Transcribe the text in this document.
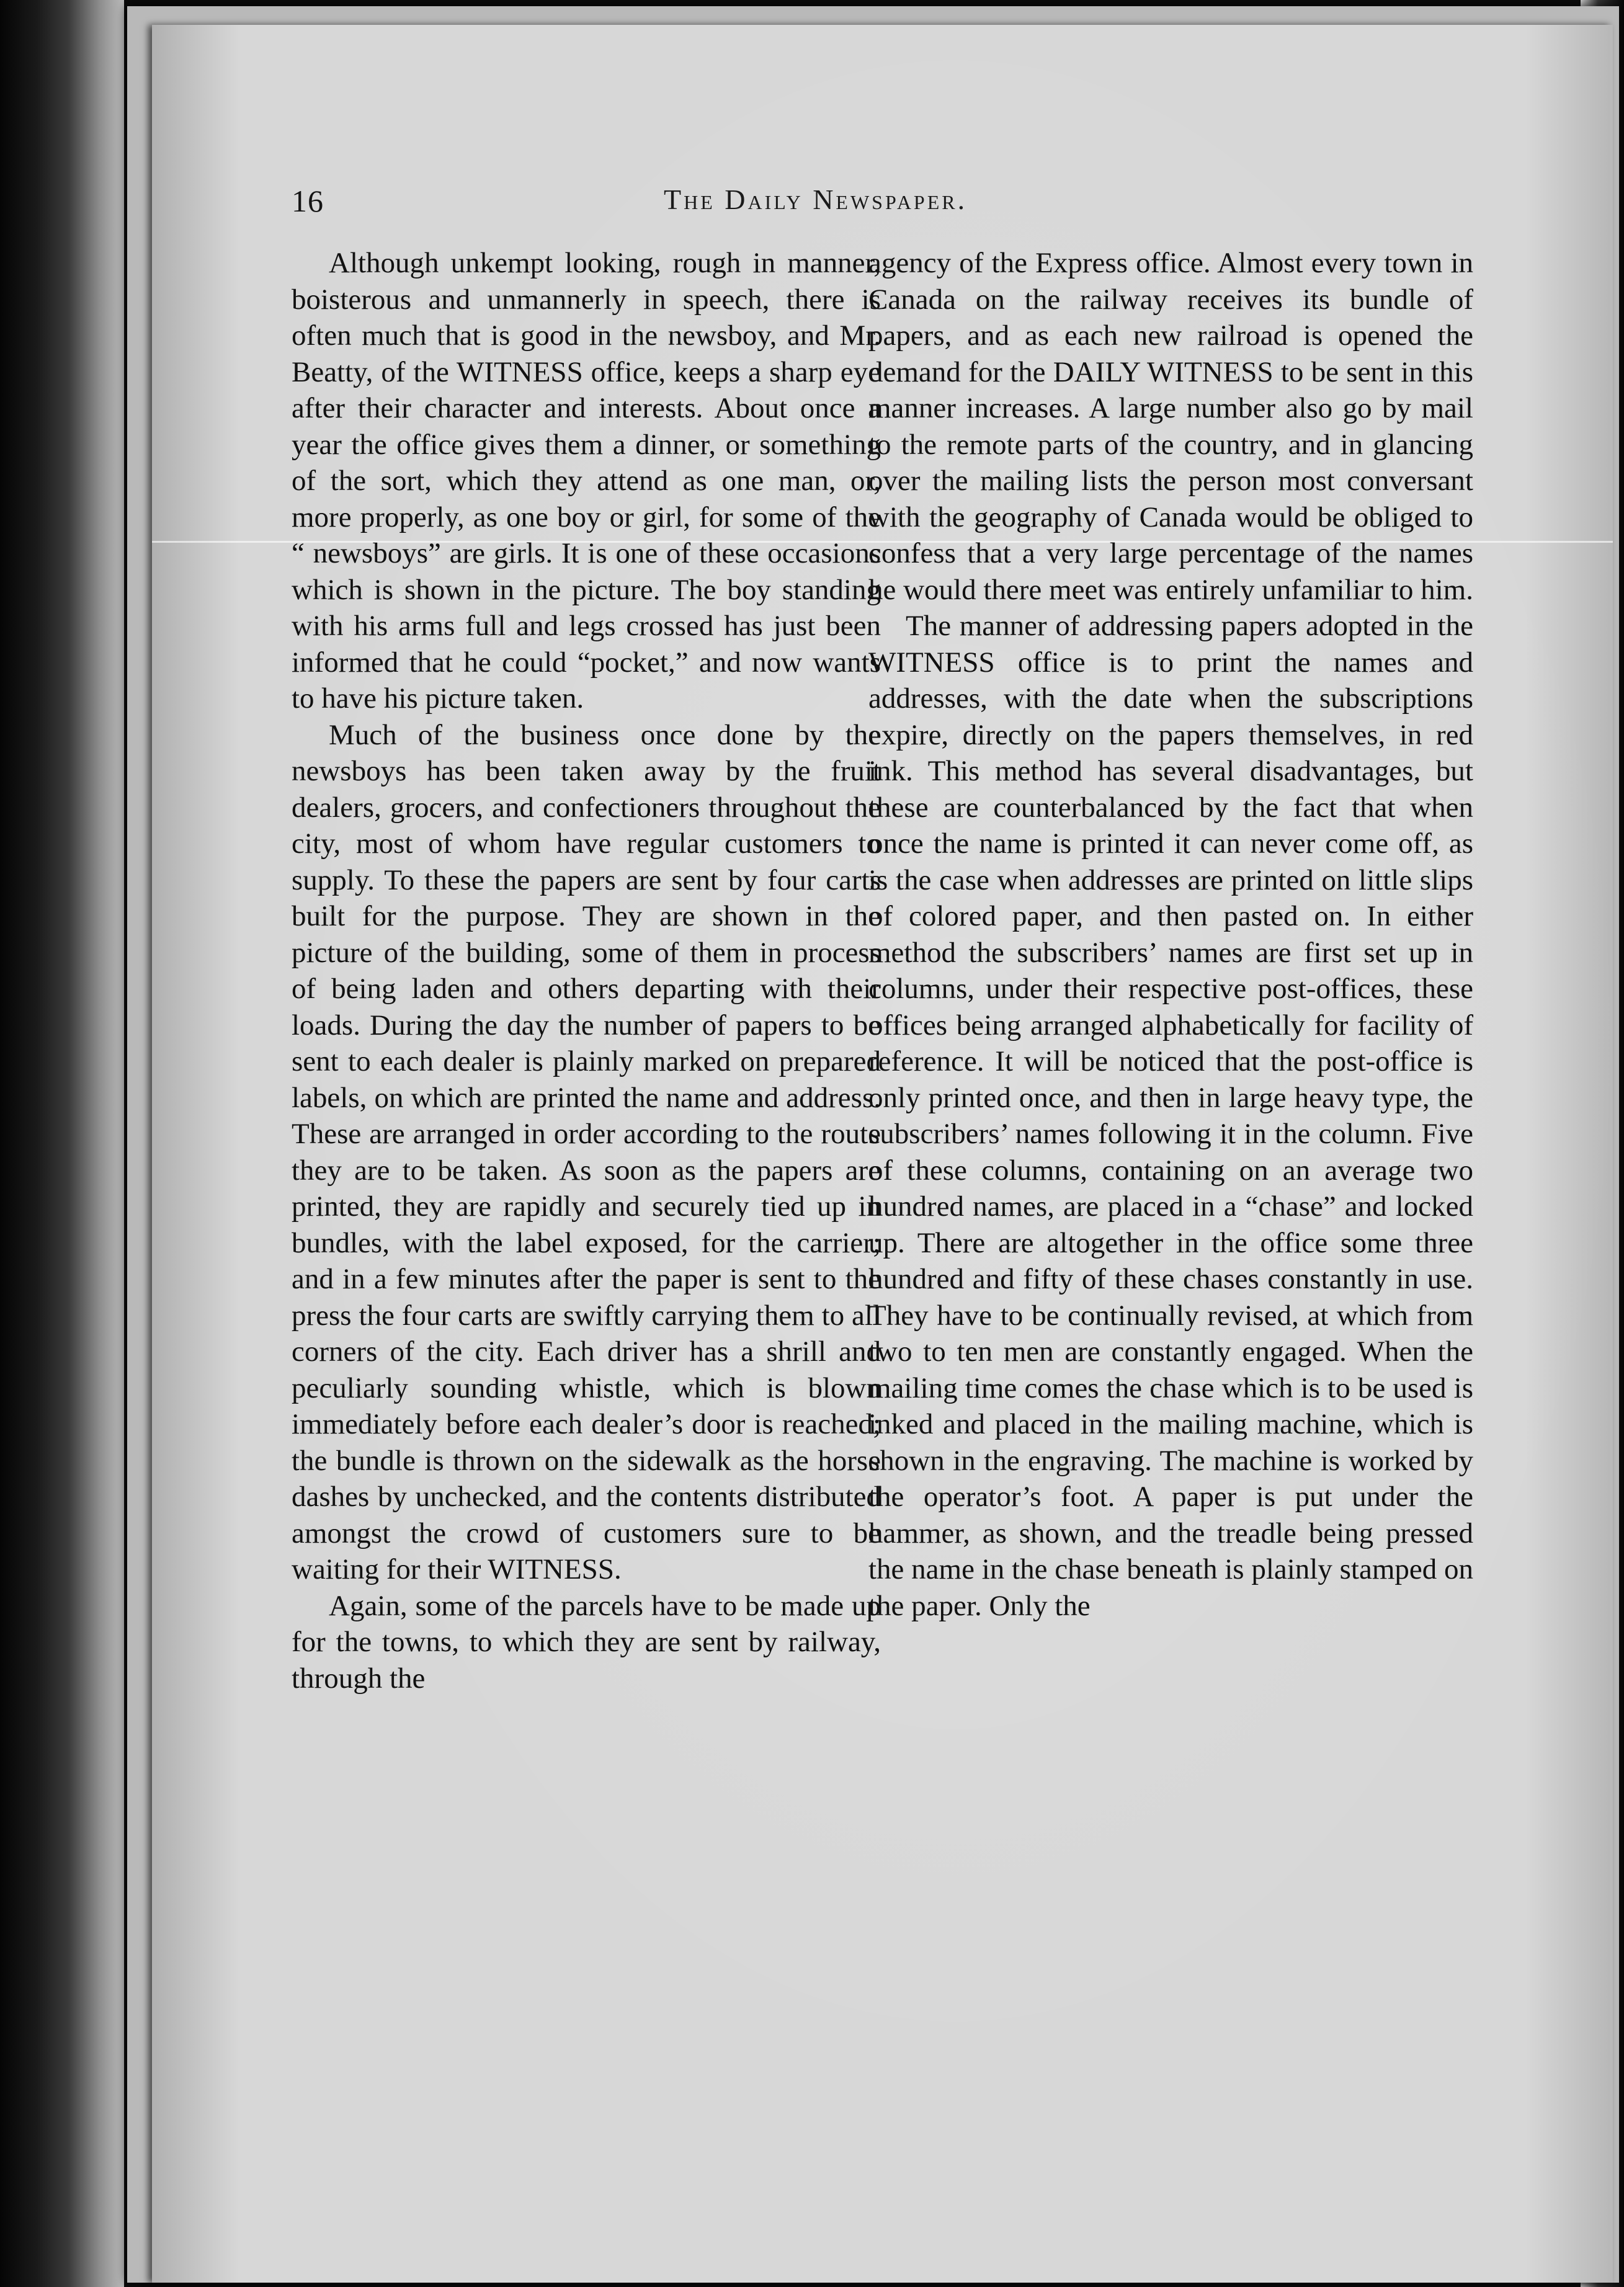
16	The Daily Newspaper.

Although unkempt looking, rough in manner, boisterous and unmannerly in speech, there is often much that is good in the newsboy, and Mr. Beatty, of the WITNESS office, keeps a sharp eye after their character and interests. About once a year the office gives them a dinner, or something of the sort, which they attend as one man, or, more properly, as one boy or girl, for some of the “ newsboys” are girls. It is one of these occasions which is shown in the picture. The boy standing with his arms full and legs crossed has just been informed that he could “pocket,” and now wants to have his picture taken.

Much of the business once done by the newsboys has been taken away by the fruit dealers, grocers, and confectioners throughout the city, most of whom have regular customers to supply. To these the papers are sent by four carts built for the purpose. They are shown in the picture of the building, some of them in process of being laden and others departing with their loads. During the day the number of papers to be sent to each dealer is plainly marked on prepared labels, on which are printed the name and address. These are arranged in order according to the route they are to be taken. As soon as the papers are printed, they are rapidly and securely tied up in bundles, with the label exposed, for the carrier; and in a few minutes after the paper is sent to the press the four carts are swiftly carrying them to all corners of the city. Each driver has a shrill and peculiarly sounding whistle, which is blown immediately before each dealer’s door is reached; the bundle is thrown on the sidewalk as the horse dashes by unchecked, and the contents distributed amongst the crowd of customers sure to be waiting for their WITNESS.

Again, some of the parcels have to be made up for the towns, to which they are sent by railway, through the

agency of the Express office. Almost every town in Canada on the railway receives its bundle of papers, and as each new railroad is opened the demand for the DAILY WITNESS to be sent in this manner increases. A large number also go by mail to the remote parts of the country, and in glancing over the mailing lists the person most conversant with the geography of Canada would be obliged to confess that a very large percentage of the names he would there meet was entirely unfamiliar to him.

The manner of addressing papers adopted in the WITNESS office is to print the names and addresses, with the date when the subscriptions expire, directly on the papers themselves, in red ink. This method has several disadvantages, but these are counterbalanced by the fact that when once the name is printed it can never come off, as is the case when addresses are printed on little slips of colored paper, and then pasted on. In either method the subscribers’ names are first set up in columns, under their respective post-offices, these offices being arranged alphabetically for facility of reference. It will be noticed that the post-office is only printed once, and then in large heavy type, the subscribers’ names following it in the column. Five of these columns, containing on an average two hundred names, are placed in a “chase” and locked up. There are altogether in the office some three hundred and fifty of these chases constantly in use. They have to be continually revised, at which from two to ten men are constantly engaged. When the mailing time comes the chase which is to be used is inked and placed in the mailing machine, which is shown in the engraving. The machine is worked by the operator’s foot. A paper is put under the hammer, as shown, and the treadle being pressed the name in the chase beneath is plainly stamped on the paper. Only the
